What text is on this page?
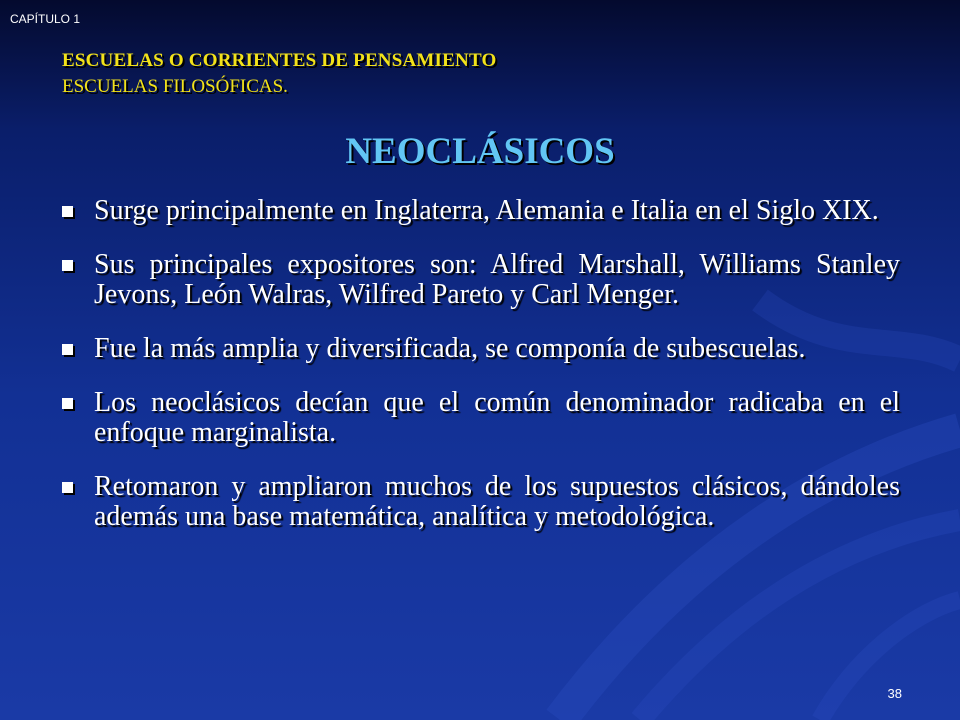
CAPÍTULO 1
ESCUELAS O CORRIENTES DE PENSAMIENTO
ESCUELAS FILOSÓFICAS.
NEOCLÁSICOS
Surge principalmente en Inglaterra, Alemania e Italia en el Siglo XIX.
Sus principales expositores son: Alfred Marshall, Williams Stanley Jevons, León Walras, Wilfred Pareto y Carl Menger.
Fue la más amplia y diversificada, se componía de subescuelas.
Los neoclásicos decían que el común denominador radicaba en el enfoque marginalista.
Retomaron y ampliaron muchos de los supuestos clásicos, dándoles además una base matemática, analítica y metodológica.
38
